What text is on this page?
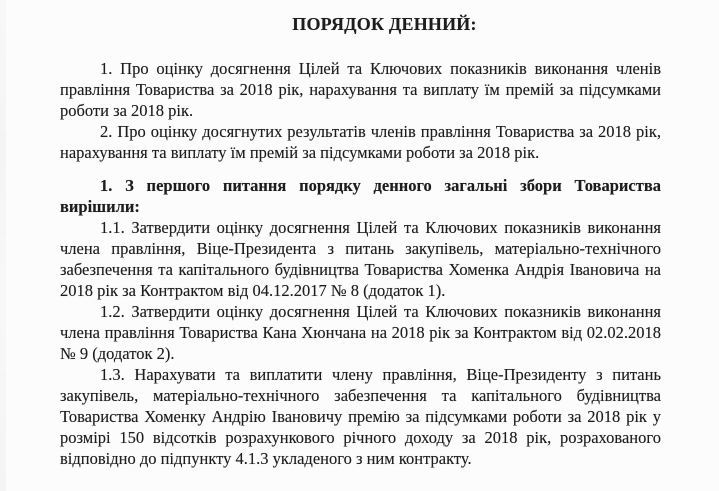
ПОРЯДОК ДЕННИЙ:

1. Про оцінку досягнення Цілей та Ключових показників виконання членів правління Товариства за 2018 рік, нарахування та виплату їм премій за підсумками роботи за 2018 рік.

2. Про оцінку досягнутих результатів членів правління Товариства за 2018 рік, нарахування та виплату їм премій за підсумками роботи за 2018 рік.

1. З першого питання порядку денного загальні збори Товариства вирішили:

1.1. Затвердити оцінку досягнення Цілей та Ключових показників виконання члена правління, Віце-Президента з питань закупівель, матеріально-технічного забезпечення та капітального будівництва Товариства Хоменка Андрія Івановича на 2018 рік за Контрактом від 04.12.2017 № 8 (додаток 1).

1.2. Затвердити оцінку досягнення Цілей та Ключових показників виконання члена правління Товариства Кана Хюнчана на 2018 рік за Контрактом від 02.02.2018 № 9 (додаток 2).

1.3. Нарахувати та виплатити члену правління, Віце-Президенту з питань закупівель, матеріально-технічного забезпечення та капітального будівництва Товариства Хоменку Андрію Івановичу премію за підсумками роботи за 2018 рік у розмірі 150 відсотків розрахункового річного доходу за 2018 рік, розрахованого відповідно до підпункту 4.1.3 укладеного з ним контракту.
